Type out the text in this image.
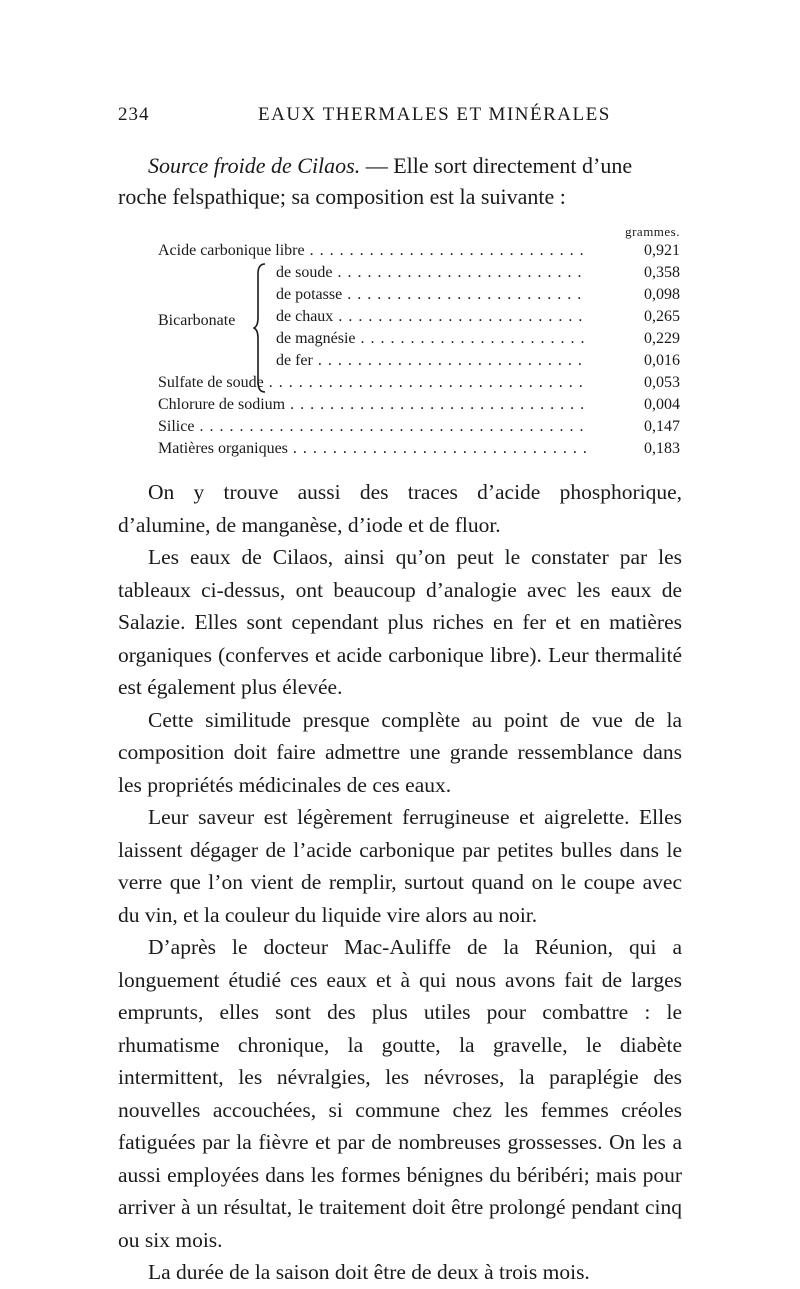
234	EAUX THERMALES ET MINÉRALES

Source froide de Cilaos. — Elle sort directement d’une roche felspathique; sa composition est la suivante :

grammes.
Acide carbonique libre . . .	0,921
Bicarbonate
de soude . . .	0,358
de potasse . . .	0,098
de chaux . . .	0,265
de magnésie . . .	0,229
de fer . . .	0,016
Sulfate de soude . . .	0,053
Chlorure de sodium . . .	0,004
Silice . . .	0,147
Matières organiques . . .	0,183

On y trouve aussi des traces d’acide phosphorique, d’alumine, de manganèse, d’iode et de fluor.

Les eaux de Cilaos, ainsi qu’on peut le constater par les tableaux ci-dessus, ont beaucoup d’analogie avec les eaux de Salazie. Elles sont cependant plus riches en fer et en matières organiques (conferves et acide carbonique libre). Leur thermalité est également plus élevée.

Cette similitude presque complète au point de vue de la composition doit faire admettre une grande ressemblance dans les propriétés médicinales de ces eaux.

Leur saveur est légèrement ferrugineuse et aigrelette. Elles laissent dégager de l’acide carbonique par petites bulles dans le verre que l’on vient de remplir, surtout quand on le coupe avec du vin, et la couleur du liquide vire alors au noir.

D’après le docteur Mac-Auliffe de la Réunion, qui a longuement étudié ces eaux et à qui nous avons fait de larges emprunts, elles sont des plus utiles pour combattre : le rhumatisme chronique, la goutte, la gravelle, le diabète intermittent, les névralgies, les névroses, la paraplégie des nouvelles accouchées, si commune chez les femmes créoles fatiguées par la fièvre et par de nombreuses grossesses. On les a aussi employées dans les formes bénignes du béribéri; mais pour arriver à un résultat, le traitement doit être prolongé pendant cinq ou six mois.

La durée de la saison doit être de deux à trois mois.
